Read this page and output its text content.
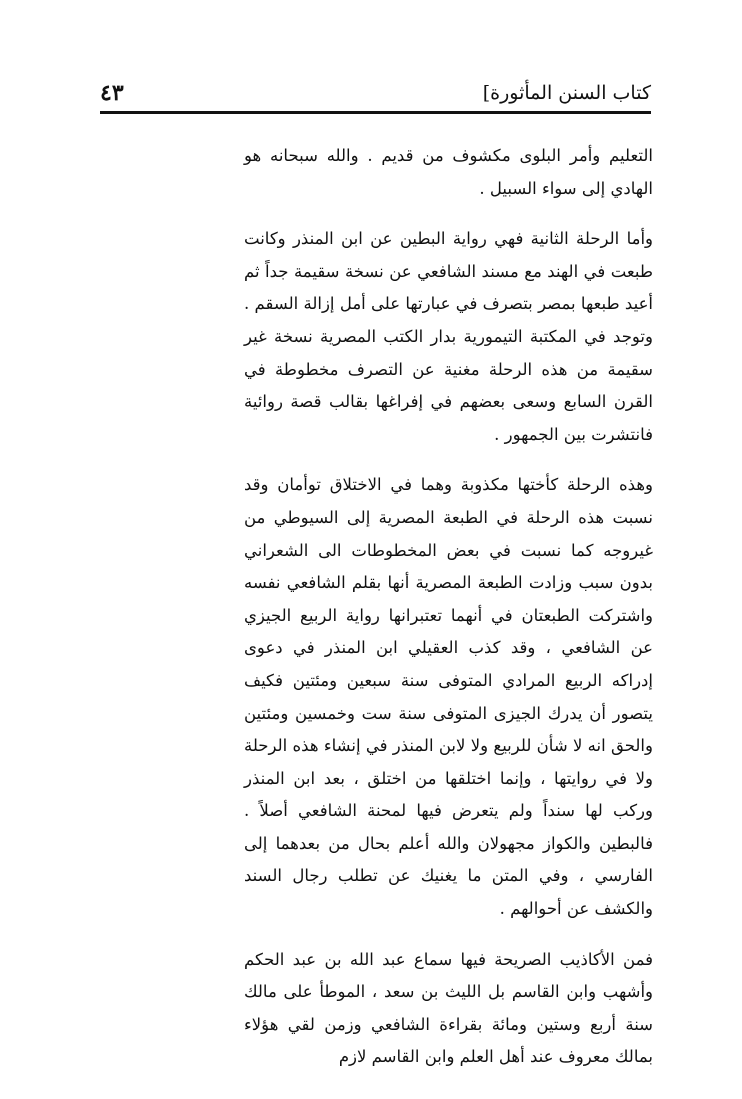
٤٣	كتاب السنن المأثورة]

التعليم وأمر البلوى مكشوف من قديم . والله سبحانه هو الهادي إلى سواء السبيل .

وأما الرحلة الثانية فهي رواية البطين عن ابن المنذر وكانت طبعت في الهند مع مسند الشافعي عن نسخة سقيمة جداً ثم أعيد طبعها بمصر بتصرف في عبارتها على أمل إزالة السقم . وتوجد في المكتبة التيمورية بدار الكتب المصرية نسخة غير سقيمة من هذه الرحلة مغنية عن التصرف مخطوطة في القرن السابع وسعى بعضهم في إفراغها بقالب قصة روائية فانتشرت بين الجمهور .

وهذه الرحلة كأختها مكذوبة وهما في الاختلاق توأمان وقد نسبت هذه الرحلة في الطبعة المصرية إلى السيوطي من غيروجه كما نسبت في بعض المخطوطات الى الشعراني بدون سبب وزادت الطبعة المصرية أنها بقلم الشافعي نفسه واشتركت الطبعتان في أنهما تعتبرانها رواية الربيع الجيزي عن الشافعي ، وقد كذب العقيلي ابن المنذر في دعوى إدراكه الربيع المرادي المتوفى سنة سبعين ومئتين فكيف يتصور أن يدرك الجيزى المتوفى سنة ست وخمسين ومئتين والحق انه لا شأن للربيع ولا لابن المنذر في إنشاء هذه الرحلة ولا في روايتها ، وإنما اختلقها من اختلق ، بعد ابن المنذر وركب لها سنداً ولم يتعرض فيها لمحنة الشافعي أصلاً . فالبطين والكواز مجهولان والله أعلم بحال من بعدهما إلى الفارسي ، وفي المتن ما يغنيك عن تطلب رجال السند والكشف عن أحوالهم .

فمن الأكاذيب الصريحة فيها سماع عبد الله بن عبد الحكم وأشهب وابن القاسم بل الليث بن سعد ، الموطأ على مالك سنة أربع وستين ومائة بقراءة الشافعي وزمن لقي هؤلاء بمالك معروف عند أهل العلم وابن القاسم لازم
